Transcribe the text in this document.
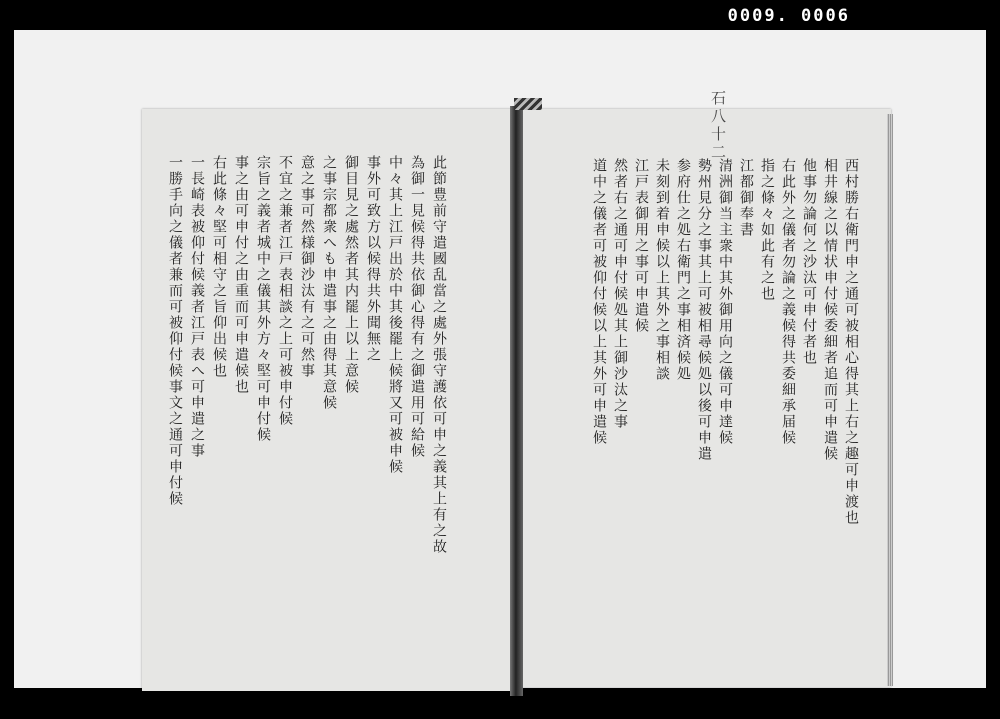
0009. 0006
石八十二
此節豊前守遣國乱當之處外張守護依可申之義其上有之故
為御一見候得共依御心得有之御遣用可給候
中々其上江戸出於中其後罷上候將又可被申候
事外可致方以候得共外聞無之
御目見之處然者其内罷上以上意候
之事宗都衆へも申遣事之由得其意候
意之事可然様御沙汰有之可然事
不宜之兼者江戸表相談之上可被申付候
宗旨之義者城中之儀其外方々堅可申付候
事之由可申付之由重而可申遣候也
右此條々堅可相守之旨仰出候也
一長崎表被仰付候義者江戸表へ可申遣之事
一勝手向之儀者兼而可被仰付候事文之通可申付候	西村勝右衛門申之通可被相心得其上右之趣可申渡也
相井線之以情状申付候委細者追而可申遣候
他事勿論何之沙汰可申付者也
右此外之儀者勿論之義候得共委細承届候
指之條々如此有之也
江都御奉書
清洲御当主衆中其外御用向之儀可申達候
勢州見分之事其上可被相尋候処以後可申遣
参府仕之処右衛門之事相済候処
未刻到着申候以上其外之事相談
江戸表御用之事可申遣候
然者右之通可申付候処其上御沙汰之事
道中之儀者可被仰付候以上其外可申遣候
